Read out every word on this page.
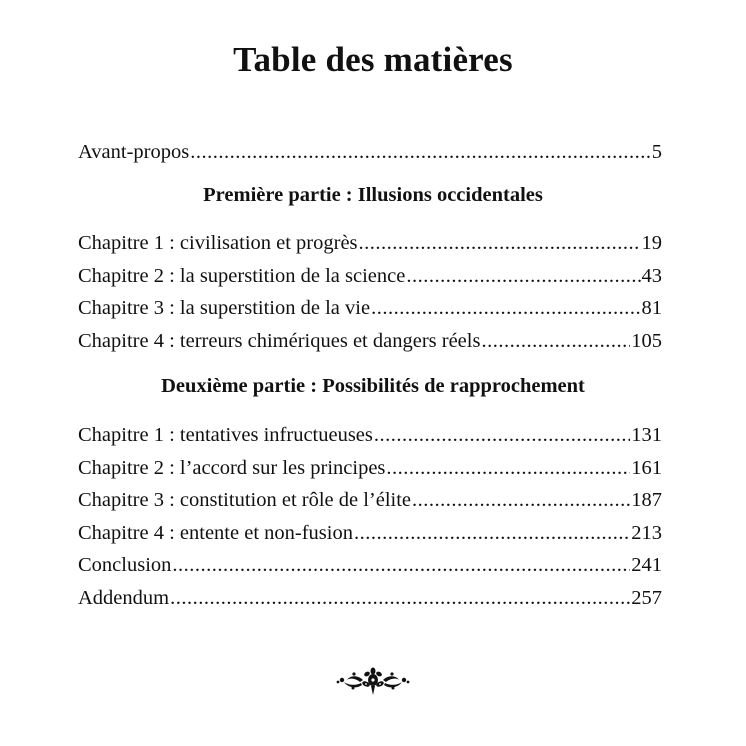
Table des matières
Avant-propos .....	5
Première partie : Illusions occidentales
Chapitre 1 : civilisation et progrès .....	19
Chapitre 2 : la superstition de la science .....	43
Chapitre 3 : la superstition de la vie .....	81
Chapitre 4 : terreurs chimériques et dangers réels .....	105
Deuxième partie : Possibilités de rapprochement
Chapitre 1 : tentatives infructueuses .....	131
Chapitre 2 : l’accord sur les principes .....	161
Chapitre 3 : constitution et rôle de l’élite .....	187
Chapitre 4 : entente et non-fusion .....	213
Conclusion .....	241
Addendum .....	257
